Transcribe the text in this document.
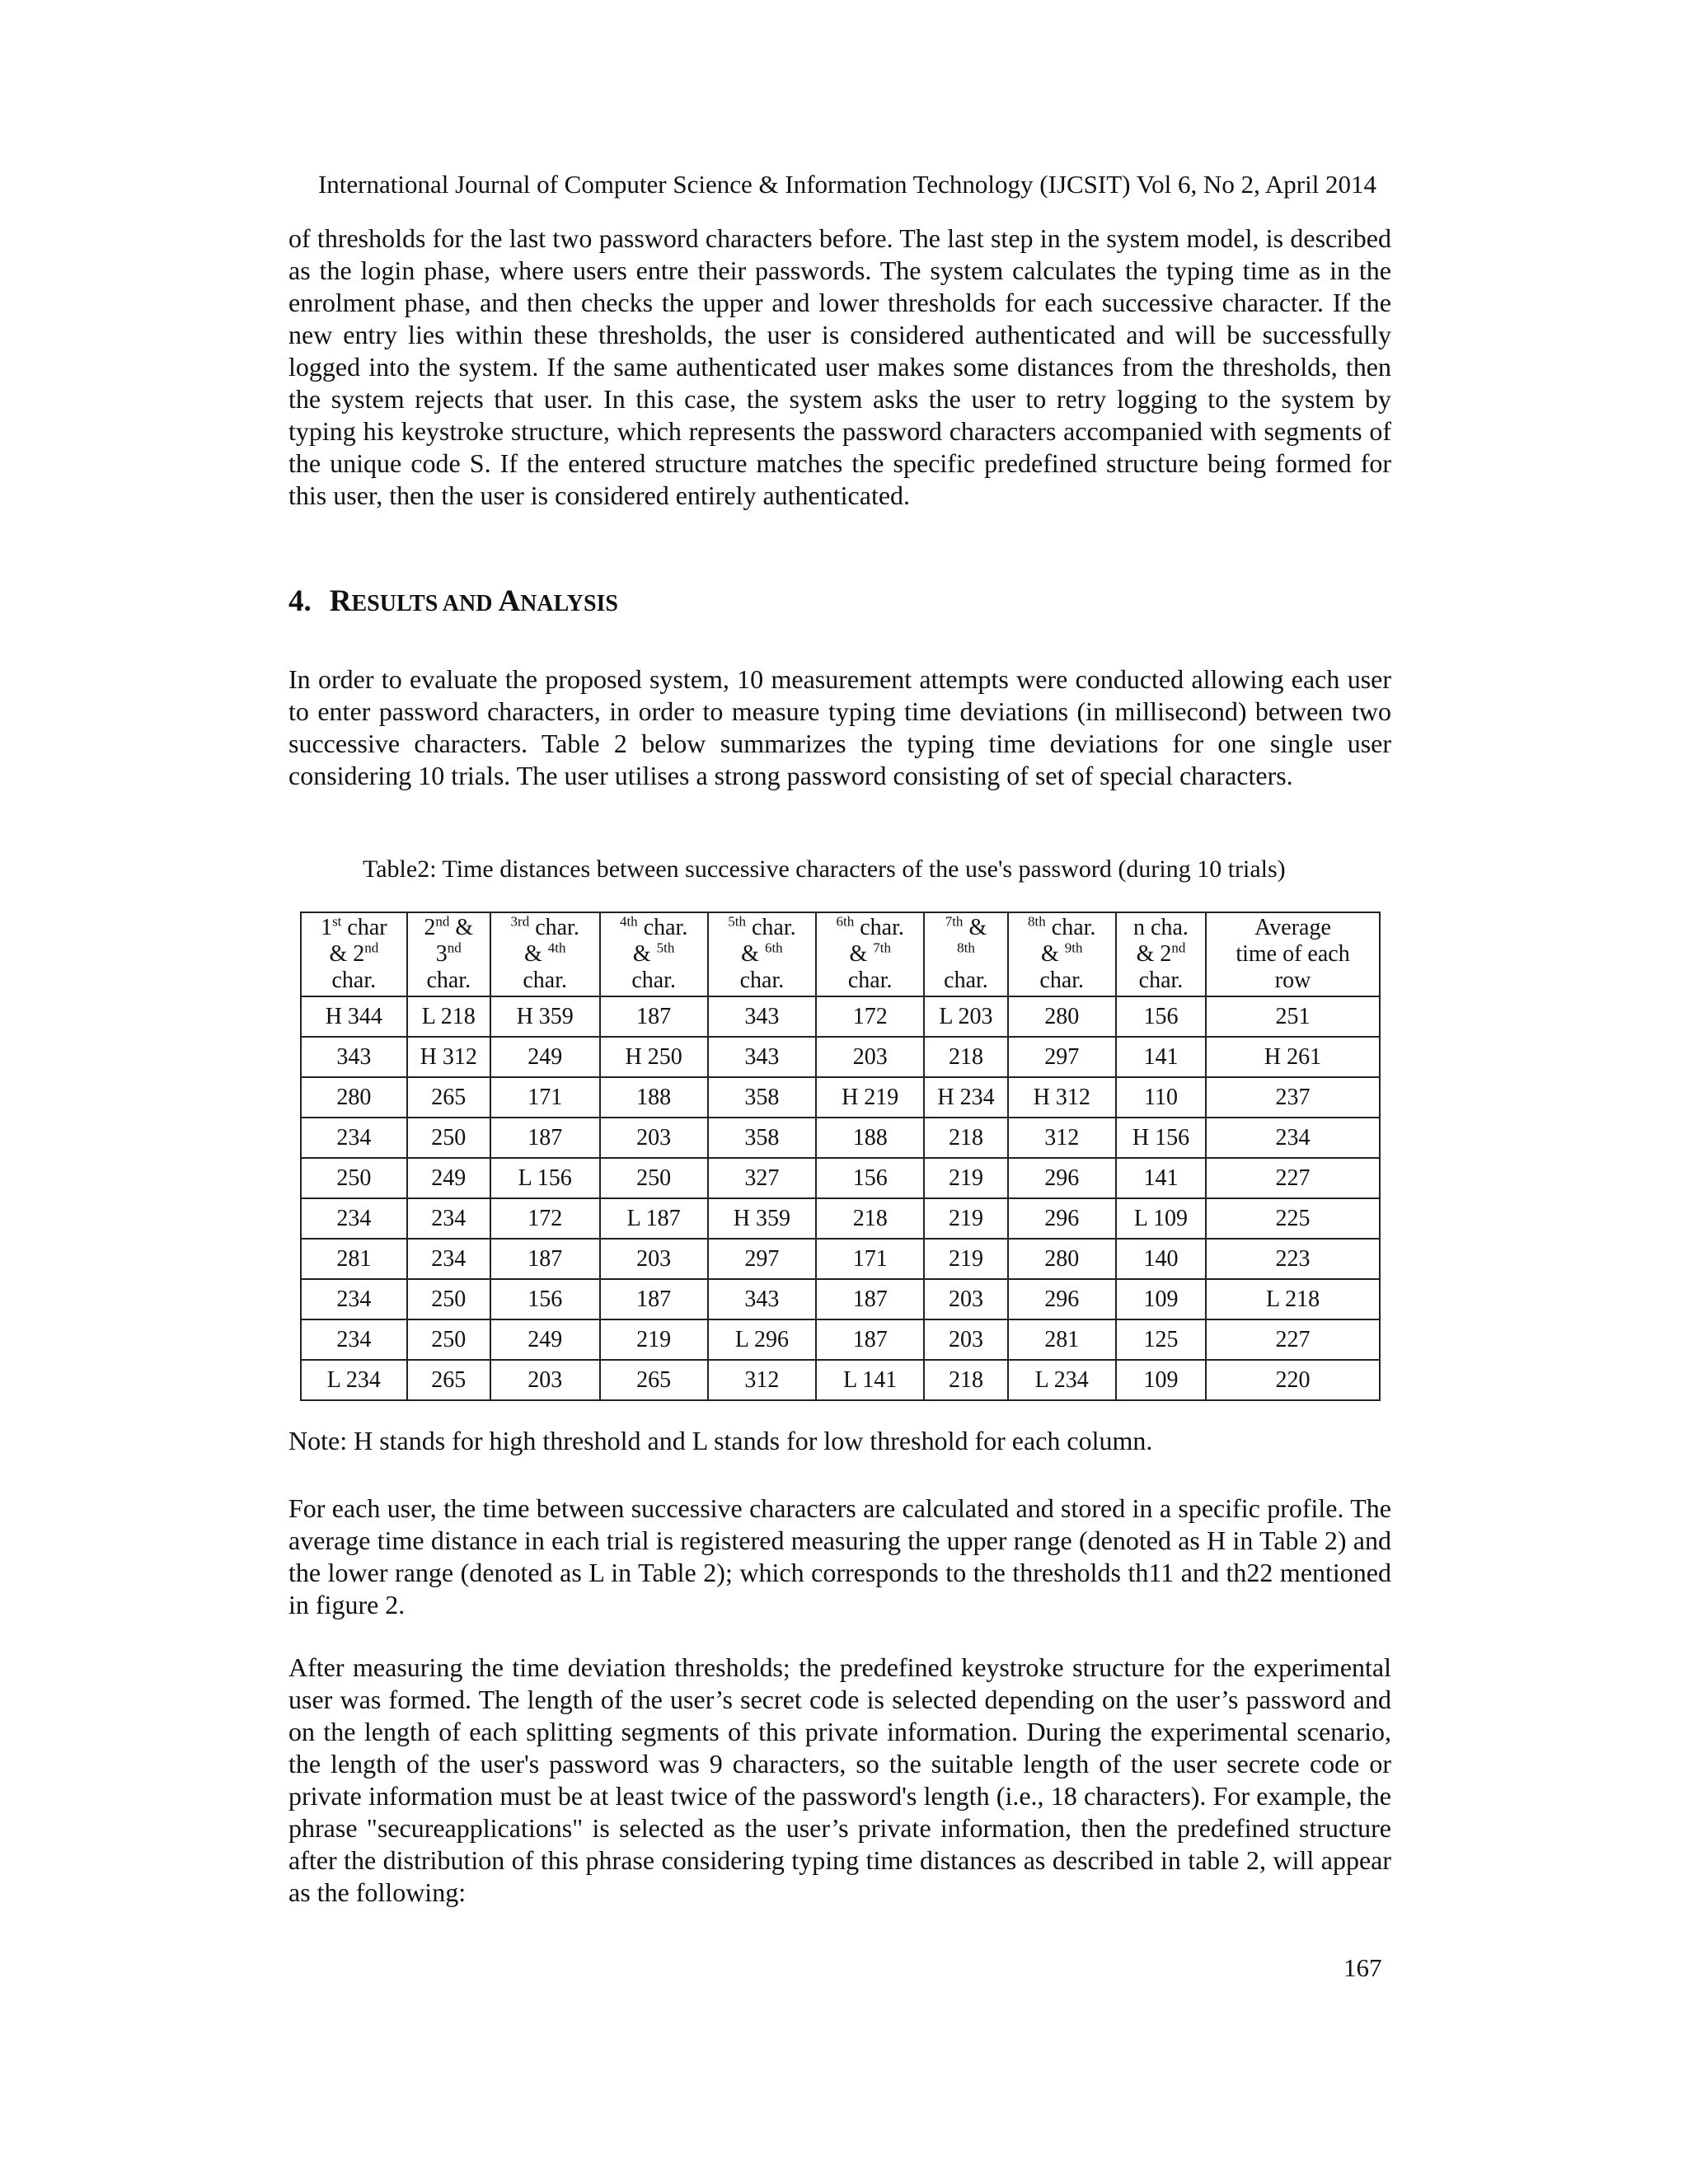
International Journal of Computer Science & Information Technology (IJCSIT) Vol 6, No 2, April 2014

of thresholds for the last two password characters before. The last step in the system model, is described as the login phase, where users entre their passwords. The system calculates the typing time as in the enrolment phase, and then checks the upper and lower thresholds for each successive character. If the new entry lies within these thresholds, the user is considered authenticated and will be successfully logged into the system. If the same authenticated user makes some distances from the thresholds, then the system rejects that user. In this case, the system asks the user to retry logging to the system by typing his keystroke structure, which represents the password characters accompanied with segments of the unique code S. If the entered structure matches the specific predefined structure being formed for this user, then the user is considered entirely authenticated.

4. RESULTS AND ANALYSIS

In order to evaluate the proposed system, 10 measurement attempts were conducted allowing each user to enter password characters, in order to measure typing time deviations (in millisecond) between two successive characters. Table 2 below summarizes the typing time deviations for one single user considering 10 trials. The user utilises a strong password consisting of set of special characters.

Table2: Time distances between successive characters of the use's password (during 10 trials)
1st char
& 2nd
char.	2nd &
3nd
char.	$^{3rd}$ char.
& $^{4th}$
char.	$^{4th}$ char.
& $^{5th}$
char.	$^{5th}$ char.
& $^{6th}$
char.	$^{6th}$ char.
& $^{7th}$
char.	$^{7th}$ &
$^{8th}$
char.	$^{8th}$ char.
& $^{9th}$
char.	n cha.
& 2nd
char.	Average
time of each
row
H 344	L 218	H 359	187	343	172	L 203	280	156	251
343	H 312	249	H 250	343	203	218	297	141	H 261
280	265	171	188	358	H 219	H 234	H 312	110	237
234	250	187	203	358	188	218	312	H 156	234
250	249	L 156	250	327	156	219	296	141	227
234	234	172	L 187	H 359	218	219	296	L 109	225
281	234	187	203	297	171	219	280	140	223
234	250	156	187	343	187	203	296	109	L 218
234	250	249	219	L 296	187	203	281	125	227
L 234	265	203	265	312	L 141	218	L 234	109	220
Note: H stands for high threshold and L stands for low threshold for each column.

For each user, the time between successive characters are calculated and stored in a specific profile. The average time distance in each trial is registered measuring the upper range (denoted as H in Table 2) and the lower range (denoted as L in Table 2); which corresponds to the thresholds th11 and th22 mentioned in figure 2.

After measuring the time deviation thresholds; the predefined keystroke structure for the experimental user was formed. The length of the user’s secret code is selected depending on the user’s password and on the length of each splitting segments of this private information. During the experimental scenario, the length of the user's password was 9 characters, so the suitable length of the user secrete code or private information must be at least twice of the password's length (i.e., 18 characters). For example, the phrase "secureapplications" is selected as the user’s private information, then the predefined structure after the distribution of this phrase considering typing time distances as described in table 2, will appear as the following:

167
